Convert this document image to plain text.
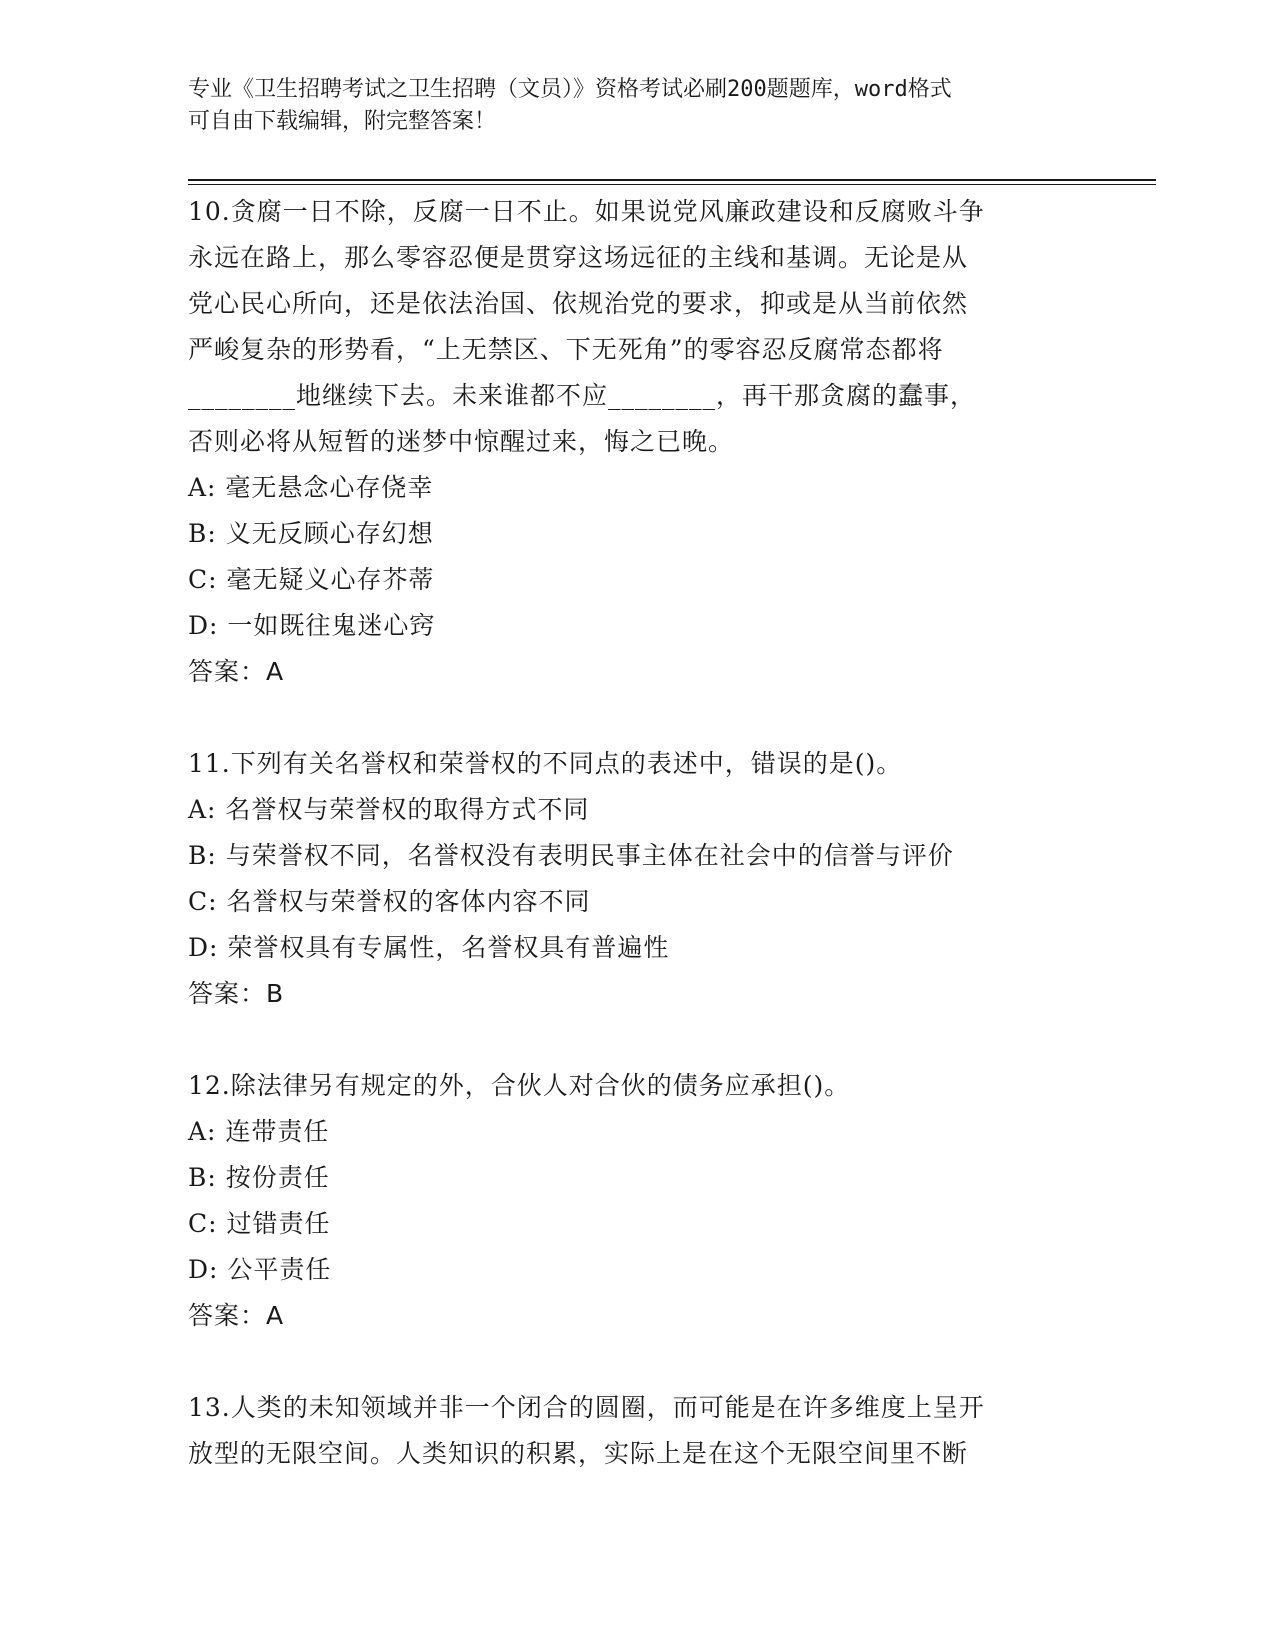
专业《卫生招聘考试之卫生招聘（文员）》资格考试必刷200题题库，word格式
可自由下载编辑，附完整答案！
10.贪腐一日不除，反腐一日不止。如果说党风廉政建设和反腐败斗争
永远在路上，那么零容忍便是贯穿这场远征的主线和基调。无论是从
党心民心所向，还是依法治国、依规治党的要求，抑或是从当前依然
严峻复杂的形势看，“上无禁区、下无死角”的零容忍反腐常态都将
________地继续下去。未来谁都不应________，再干那贪腐的蠢事，
否则必将从短暂的迷梦中惊醒过来，悔之已晚。
A: 毫无悬念心存侥幸
B: 义无反顾心存幻想
C: 毫无疑义心存芥蒂
D: 一如既往鬼迷心窍
答案：A
11.下列有关名誉权和荣誉权的不同点的表述中，错误的是()。
A: 名誉权与荣誉权的取得方式不同
B: 与荣誉权不同，名誉权没有表明民事主体在社会中的信誉与评价
C: 名誉权与荣誉权的客体内容不同
D: 荣誉权具有专属性，名誉权具有普遍性
答案：B
12.除法律另有规定的外，合伙人对合伙的债务应承担()。
A: 连带责任
B: 按份责任
C: 过错责任
D: 公平责任
答案：A
13.人类的未知领域并非一个闭合的圆圈，而可能是在许多维度上呈开
放型的无限空间。人类知识的积累，实际上是在这个无限空间里不断
